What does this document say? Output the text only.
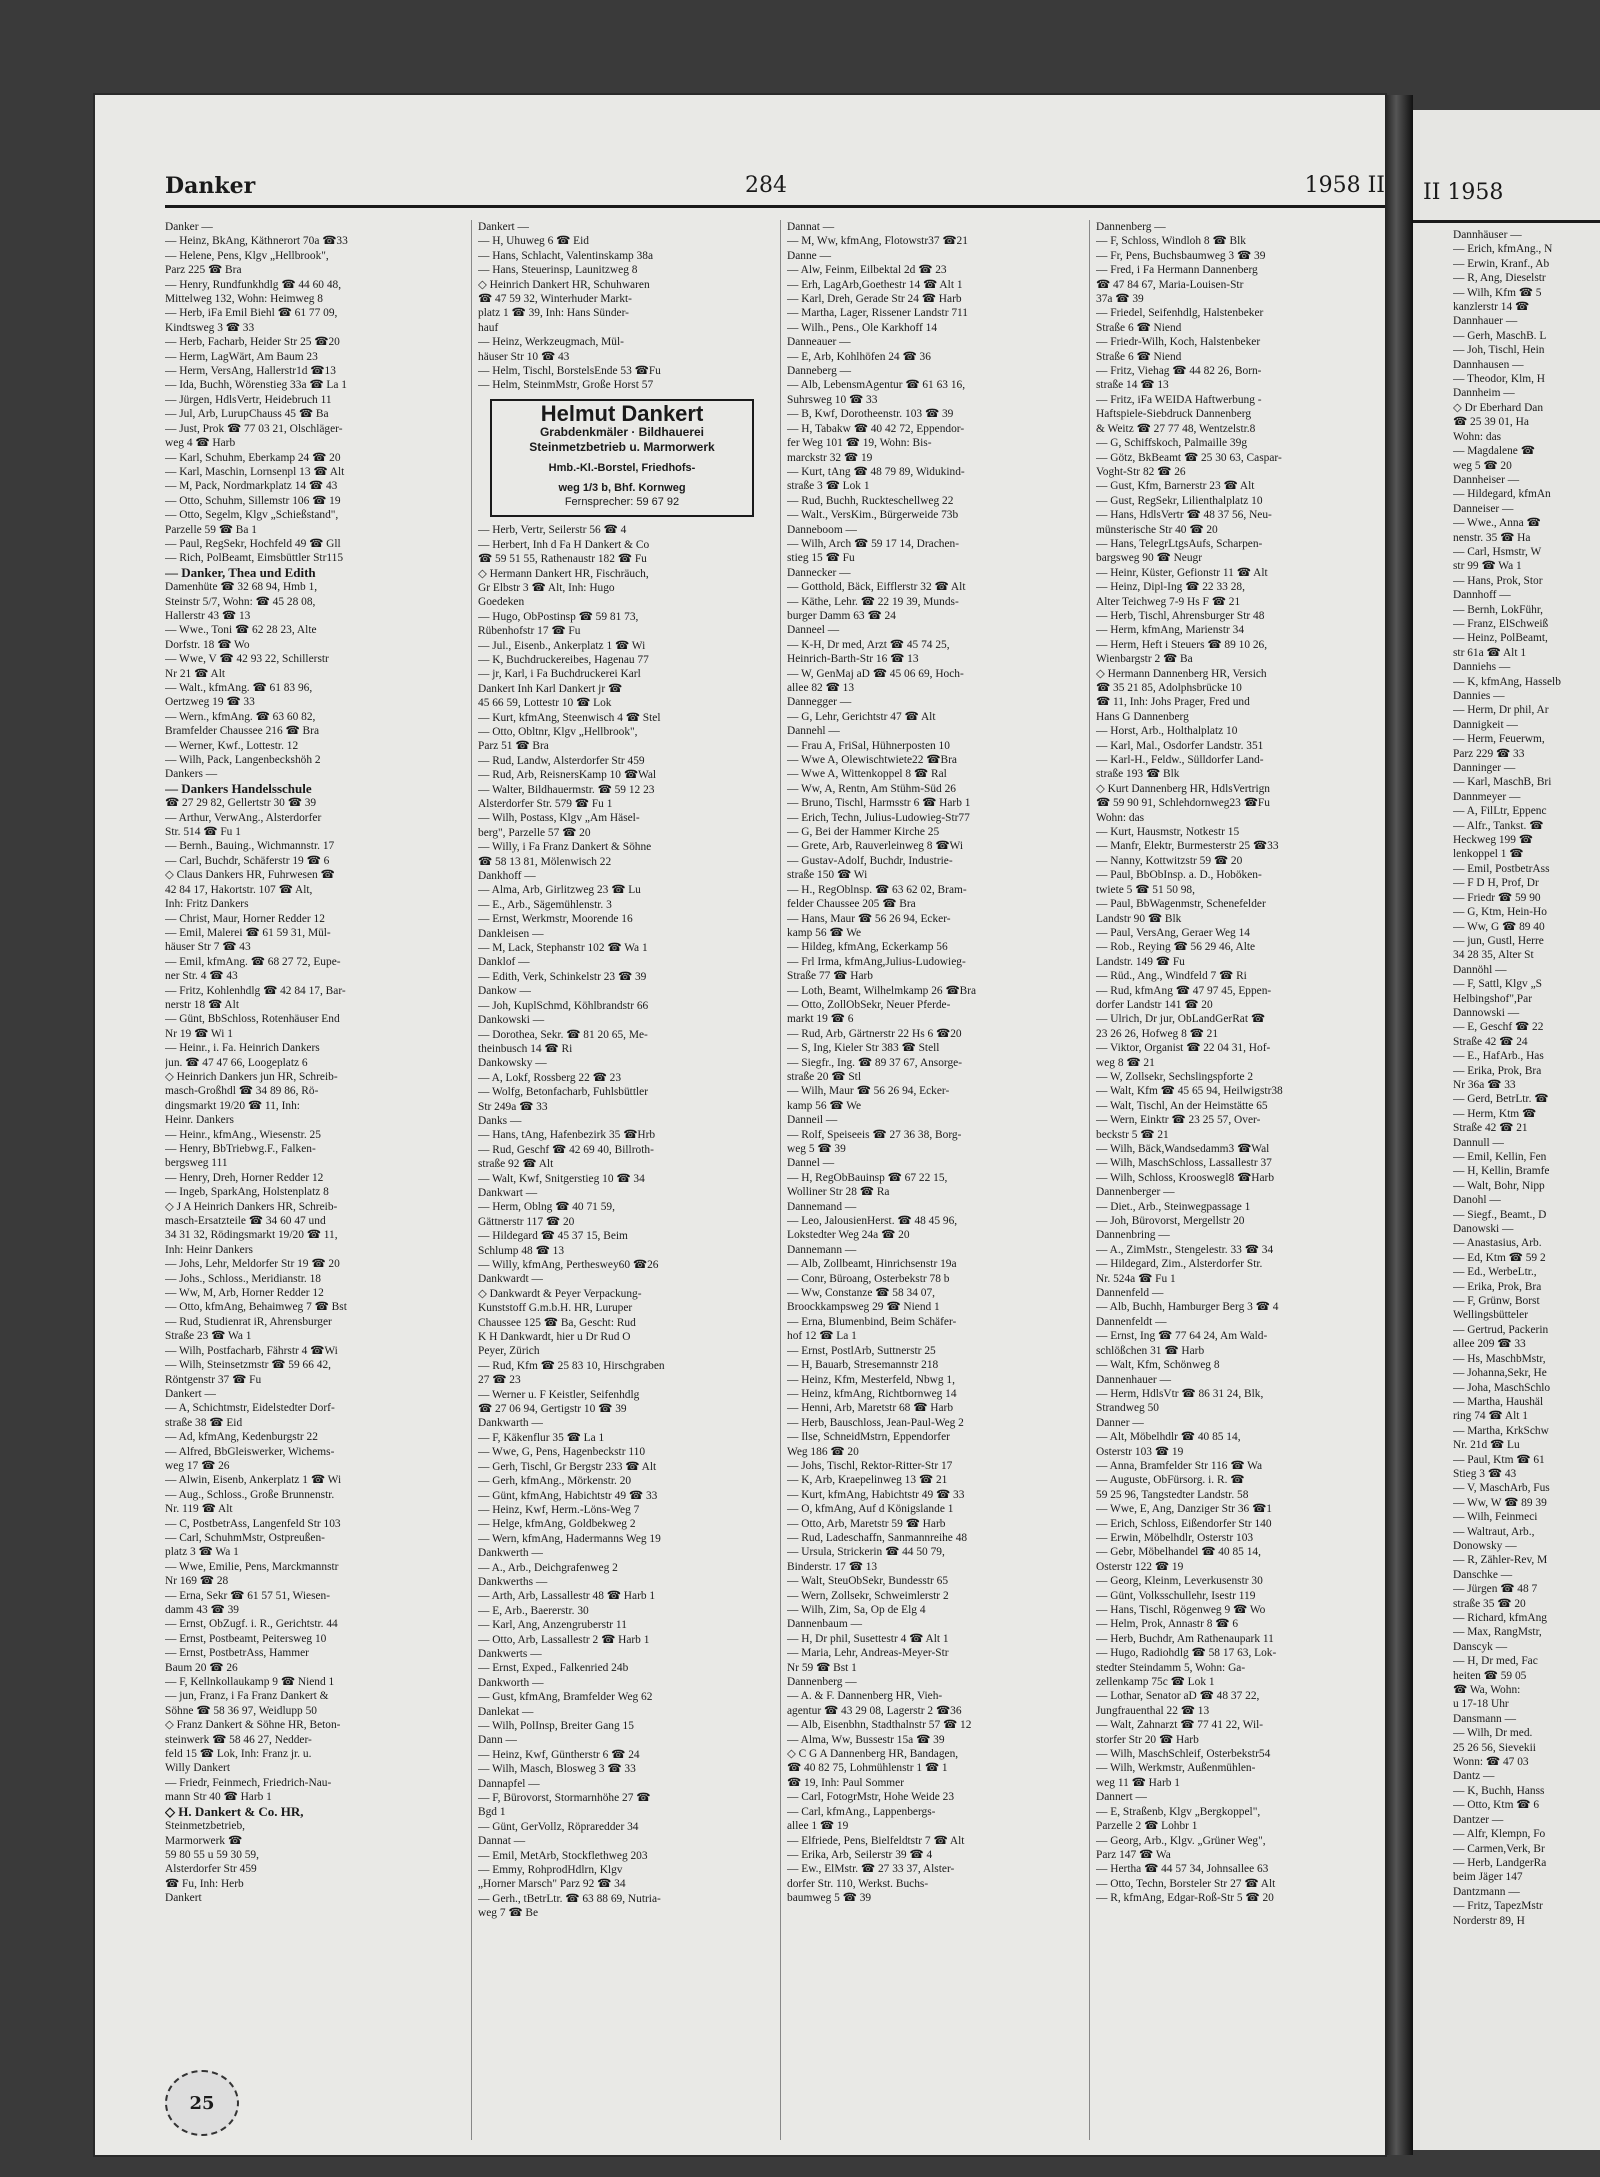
Danker	284	1958 II
Danker —
— Heinz, BkAng, Käthnerort 70a ☎33
— Helene, Pens, Klgv „Hellbrook",
Parz 225 ☎ Bra
— Henry, Rundfunkhdlg ☎ 44 60 48,
Mittelweg 132, Wohn: Heimweg 8
— Herb, iFa Emil Biehl ☎ 61 77 09,
Kindtsweg 3 ☎ 33
— Herb, Facharb, Heider Str 25 ☎20
— Herm, LagWärt, Am Baum 23
— Herm, VersAng, Hallerstr1d ☎13
— Ida, Buchh, Wörenstieg 33a ☎ La 1
— Jürgen, HdlsVertr, Heidebruch 11
— Jul, Arb, LurupChauss 45 ☎ Ba
— Just, Prok ☎ 77 03 21, Olschläger-
weg 4 ☎ Harb
— Karl, Schuhm, Eberkamp 24 ☎ 20
— Karl, Maschin, Lornsenpl 13 ☎ Alt
— M, Pack, Nordmarkplatz 14 ☎ 43
— Otto, Schuhm, Sillemstr 106 ☎ 19
— Otto, Segelm, Klgv „Schießstand",
Parzelle 59 ☎ Ba 1
— Paul, RegSekr, Hochfeld 49 ☎ Gll
— Rich, PolBeamt, Eimsbüttler Str115
— Danker, Thea und Edith
Damenhüte ☎ 32 68 94, Hmb 1,
Steinstr 5/7, Wohn: ☎ 45 28 08,
Hallerstr 43 ☎ 13
— Wwe., Toni ☎ 62 28 23, Alte
Dorfstr. 18 ☎ Wo
— Wwe, V ☎ 42 93 22, Schillerstr
Nr 21 ☎ Alt
— Walt., kfmAng. ☎ 61 83 96,
Oertzweg 19 ☎ 33
— Wern., kfmAng. ☎ 63 60 82,
Bramfelder Chaussee 216 ☎ Bra
— Werner, Kwf., Lottestr. 12
— Wilh, Pack, Langenbeckshöh 2
Dankers —
— Dankers Handelsschule
☎ 27 29 82, Gellertstr 30 ☎ 39
— Arthur, VerwAng., Alsterdorfer
Str. 514 ☎ Fu 1
— Bernh., Bauing., Wichmannstr. 17
— Carl, Buchdr, Schäferstr 19 ☎ 6
◇ Claus Dankers HR, Fuhrwesen ☎
42 84 17, Hakortstr. 107 ☎ Alt,
Inh: Fritz Dankers
— Christ, Maur, Horner Redder 12
— Emil, Malerei ☎ 61 59 31, Mül-
häuser Str 7 ☎ 43
— Emil, kfmAng. ☎ 68 27 72, Eupe-
ner Str. 4 ☎ 43
— Fritz, Kohlenhdlg ☎ 42 84 17, Bar-
nerstr 18 ☎ Alt
— Günt, BbSchloss, Rotenhäuser End
Nr 19 ☎ Wi 1
— Heinr., i. Fa. Heinrich Dankers
jun. ☎ 47 47 66, Loogeplatz 6
◇ Heinrich Dankers jun HR, Schreib-
masch-Großhdl ☎ 34 89 86, Rö-
dingsmarkt 19/20 ☎ 11, Inh:
Heinr. Dankers
— Heinr., kfmAng., Wiesenstr. 25
— Henry, BbTriebwg.F., Falken-
bergsweg 111
— Henry, Dreh, Horner Redder 12
— Ingeb, SparkAng, Holstenplatz 8
◇ J A Heinrich Dankers HR, Schreib-
masch-Ersatzteile ☎ 34 60 47 und
34 31 32, Rödingsmarkt 19/20 ☎ 11,
Inh: Heinr Dankers
— Johs, Lehr, Meldorfer Str 19 ☎ 20
— Johs., Schloss., Meridianstr. 18
— Ww, M, Arb, Horner Redder 12
— Otto, kfmAng, Behaimweg 7 ☎ Bst
— Rud, Studienrat iR, Ahrensburger
Straße 23 ☎ Wa 1
— Wilh, Postfacharb, Fährstr 4 ☎Wi
— Wilh, Steinsetzmstr ☎ 59 66 42,
Röntgenstr 37 ☎ Fu
Dankert —
— A, Schichtmstr, Eidelstedter Dorf-
straße 38 ☎ Eid
— Ad, kfmAng, Kedenburgstr 22
— Alfred, BbGleiswerker, Wichems-
weg 17 ☎ 26
— Alwin, Eisenb, Ankerplatz 1 ☎ Wi
— Aug., Schloss., Große Brunnenstr.
Nr. 119 ☎ Alt
— C, PostbetrAss, Langenfeld Str 103
— Carl, SchuhmMstr, Ostpreußen-
platz 3 ☎ Wa 1
— Wwe, Emilie, Pens, Marckmannstr
Nr 169 ☎ 28
— Erna, Sekr ☎ 61 57 51, Wiesen-
damm 43 ☎ 39
— Ernst, ObZugf. i. R., Gerichtstr. 44
— Ernst, Postbeamt, Peitersweg 10
— Ernst, PostbetrAss, Hammer
Baum 20 ☎ 26
— F, Kellnkollaukamp 9 ☎ Niend 1
— jun, Franz, i Fa Franz Dankert &
Söhne ☎ 58 36 97, Weidlupp 50
◇ Franz Dankert & Söhne HR, Beton-
steinwerk ☎ 58 46 27, Nedder-
feld 15 ☎ Lok, Inh: Franz jr. u.
Willy Dankert
— Friedr, Feinmech, Friedrich-Nau-
mann Str 40 ☎ Harb 1
◇ H. Dankert & Co. HR,
Steinmetzbetrieb,
Marmorwerk ☎
59 80 55 u 59 30 59,
Alsterdorfer Str 459
☎ Fu, Inh: Herb
Dankert
Dankert —
— H, Uhuweg 6 ☎ Eid
— Hans, Schlacht, Valentinskamp 38a
— Hans, Steuerinsp, Launitzweg 8
◇ Heinrich Dankert HR, Schuhwaren
☎ 47 59 32, Winterhuder Markt-
platz 1 ☎ 39, Inh: Hans Sünder-
hauf
— Heinz, Werkzeugmach, Mül-
häuser Str 10 ☎ 43
— Helm, Tischl, BorstelsEnde 53 ☎Fu
— Helm, SteinmMstr, Große Horst 57
Helmut Dankert
Grabdenkmäler · Bildhauerei
Steinmetzbetrieb u. Marmorwerk
Hmb.-Kl.-Borstel, Friedhofs-
weg 1/3 b, Bhf. Kornweg
Fernsprecher: 59 67 92
— Herb, Vertr, Seilerstr 56 ☎ 4
— Herbert, Inh d Fa H Dankert & Co
☎ 59 51 55, Rathenaustr 182 ☎ Fu
◇ Hermann Dankert HR, Fischräuch,
Gr Elbstr 3 ☎ Alt, Inh: Hugo
Goedeken
— Hugo, ObPostinsp ☎ 59 81 73,
Rübenhofstr 17 ☎ Fu
— Jul., Eisenb., Ankerplatz 1 ☎ Wi
— K, Buchdruckereibes, Hagenau 77
— jr, Karl, i Fa Buchdruckerei Karl
Dankert Inh Karl Dankert jr ☎
45 66 59, Lottestr 10 ☎ Lok
— Kurt, kfmAng, Steenwisch 4 ☎ Stel
— Otto, Obltnr, Klgv „Hellbrook",
Parz 51 ☎ Bra
— Rud, Landw, Alsterdorfer Str 459
— Rud, Arb, ReisnersKamp 10 ☎Wal
— Walter, Bildhauermstr. ☎ 59 12 23
Alsterdorfer Str. 579 ☎ Fu 1
— Wilh, Postass, Klgv „Am Häsel-
berg", Parzelle 57 ☎ 20
— Willy, i Fa Franz Dankert & Söhne
☎ 58 13 81, Mölenwisch 22
Dankhoff —
— Alma, Arb, Girlitzweg 23 ☎ Lu
— E., Arb., Sägemühlenstr. 3
— Ernst, Werkmstr, Moorende 16
Dankleisen —
— M, Lack, Stephanstr 102 ☎ Wa 1
Danklof —
— Edith, Verk, Schinkelstr 23 ☎ 39
Dankow —
— Joh, KuplSchmd, Köhlbrandstr 66
Dankowski —
— Dorothea, Sekr. ☎ 81 20 65, Me-
theinbusch 14 ☎ Ri
Dankowsky —
— A, Lokf, Rossberg 22 ☎ 23
— Wolfg, Betonfacharb, Fuhlsbüttler
Str 249a ☎ 33
Danks —
— Hans, tAng, Hafenbezirk 35 ☎Hrb
— Rud, Geschf ☎ 42 69 40, Billroth-
straße 92 ☎ Alt
— Walt, Kwf, Snitgerstieg 10 ☎ 34
Dankwart —
— Herm, Oblng ☎ 40 71 59,
Gättnerstr 117 ☎ 20
— Hildegard ☎ 45 37 15, Beim
Schlump 48 ☎ 13
— Willy, kfmAng, Pertheswey60 ☎26
Dankwardt —
◇ Dankwardt & Peyer Verpackung-
Kunststoff G.m.b.H. HR, Luruper
Chaussee 125 ☎ Ba, Gescht: Rud
K H Dankwardt, hier u Dr Rud O
Peyer, Zürich
— Rud, Kfm ☎ 25 83 10, Hirschgraben
27 ☎ 23
— Werner u. F Keistler, Seifenhdlg
☎ 27 06 94, Gertigstr 10 ☎ 39
Dankwarth —
— F, Käkenflur 35 ☎ La 1
— Wwe, G, Pens, Hagenbeckstr 110
— Gerh, Tischl, Gr Bergstr 233 ☎ Alt
— Gerh, kfmAng., Mörkenstr. 20
— Günt, kfmAng, Habichtstr 49 ☎ 33
— Heinz, Kwf, Herm.-Löns-Weg 7
— Helge, kfmAng, Goldbekweg 2
— Wern, kfmAng, Hadermanns Weg 19
Dankwerth —
— A., Arb., Deichgrafenweg 2
Dankwerths —
— Arth, Arb, Lassallestr 48 ☎ Harb 1
— E, Arb., Baererstr. 30
— Karl, Ang, Anzengruberstr 11
— Otto, Arb, Lassallestr 2 ☎ Harb 1
Dankwerts —
— Ernst, Exped., Falkenried 24b
Dankworth —
— Gust, kfmAng, Bramfelder Weg 62
Danlekat —
— Wilh, PolInsp, Breiter Gang 15
Dann —
— Heinz, Kwf, Güntherstr 6 ☎ 24
— Wilh, Masch, Blosweg 3 ☎ 33
Dannapfel —
— F, Bürovorst, Stormarnhöhe 27 ☎
Bgd 1
— Günt, GerVollz, Röpraredder 34
Dannat —
— Emil, MetArb, Stockflethweg 203
— Emmy, RohprodHdlrn, Klgv
„Horner Marsch" Parz 92 ☎ 34
— Gerh., tBetrLtr. ☎ 63 88 69, Nutria-
weg 7 ☎ Be
Dannat —
— M, Ww, kfmAng, Flotowstr37 ☎21
Danne —
— Alw, Feinm, Eilbektal 2d ☎ 23
— Erh, LagArb,Goethestr 14 ☎ Alt 1
— Karl, Dreh, Gerade Str 24 ☎ Harb
— Martha, Lager, Rissener Landstr 711
— Wilh., Pens., Ole Karkhoff 14
Danneauer —
— E, Arb, Kohlhöfen 24 ☎ 36
Danneberg —
— Alb, LebensmAgentur ☎ 61 63 16,
Suhrsweg 10 ☎ 33
— B, Kwf, Dorotheenstr. 103 ☎ 39
— H, Tabakw ☎ 40 42 72, Eppendor-
fer Weg 101 ☎ 19, Wohn: Bis-
marckstr 32 ☎ 19
— Kurt, tAng ☎ 48 79 89, Widukind-
straße 3 ☎ Lok 1
— Rud, Buchh, Ruckteschellweg 22
— Walt., VersKim., Bürgerweide 73b
Danneboom —
— Wilh, Arch ☎ 59 17 14, Drachen-
stieg 15 ☎ Fu
Dannecker —
— Gotthold, Bäck, Eifflerstr 32 ☎ Alt
— Käthe, Lehr. ☎ 22 19 39, Munds-
burger Damm 63 ☎ 24
Danneel —
— K-H, Dr med, Arzt ☎ 45 74 25,
Heinrich-Barth-Str 16 ☎ 13
— W, GenMaj aD ☎ 45 06 69, Hoch-
allee 82 ☎ 13
Dannegger —
— G, Lehr, Gerichtstr 47 ☎ Alt
Dannehl —
— Frau A, FriSal, Hühnerposten 10
— Wwe A, Olewischtwiete22 ☎Bra
— Wwe A, Wittenkoppel 8 ☎ Ral
— Ww, A, Rentn, Am Stühm-Süd 26
— Bruno, Tischl, Harmsstr 6 ☎ Harb 1
— Erich, Techn, Julius-Ludowieg-Str77
— G, Bei der Hammer Kirche 25
— Grete, Arb, Rauverleinweg 8 ☎Wi
— Gustav-Adolf, Buchdr, Industrie-
straße 150 ☎ Wi
— H., RegOblnsp. ☎ 63 62 02, Bram-
felder Chaussee 205 ☎ Bra
— Hans, Maur ☎ 56 26 94, Ecker-
kamp 56 ☎ We
— Hildeg, kfmAng, Eckerkamp 56
— Frl Irma, kfmAng,Julius-Ludowieg-
Straße 77 ☎ Harb
— Loth, Beamt, Wilhelmkamp 26 ☎Bra
— Otto, ZollObSekr, Neuer Pferde-
markt 19 ☎ 6
— Rud, Arb, Gärtnerstr 22 Hs 6 ☎20
— S, Ing, Kieler Str 383 ☎ Stell
— Siegfr., Ing. ☎ 89 37 67, Ansorge-
straße 20 ☎ Stl
— Wilh, Maur ☎ 56 26 94, Ecker-
kamp 56 ☎ We
Danneil —
— Rolf, Speiseeis ☎ 27 36 38, Borg-
weg 5 ☎ 39
Dannel —
— H, RegObBauinsp ☎ 67 22 15,
Wolliner Str 28 ☎ Ra
Dannemand —
— Leo, JalousienHerst. ☎ 48 45 96,
Lokstedter Weg 24a ☎ 20
Dannemann —
— Alb, Zollbeamt, Hinrichsenstr 19a
— Conr, Büroang, Osterbekstr 78 b
— Ww, Constanze ☎ 58 34 07,
Broockkampsweg 29 ☎ Niend 1
— Erna, Blumenbind, Beim Schäfer-
hof 12 ☎ La 1
— Ernst, PostlArb, Suttnerstr 25
— H, Bauarb, Stresemannstr 218
— Heinz, Kfm, Mesterfeld, Nbwg 1,
— Heinz, kfmAng, Richtbornweg 14
— Henni, Arb, Maretstr 68 ☎ Harb
— Herb, Bauschloss, Jean-Paul-Weg 2
— Ilse, SchneidMstrn, Eppendorfer
Weg 186 ☎ 20
— Johs, Tischl, Rektor-Ritter-Str 17
— K, Arb, Kraepelinweg 13 ☎ 21
— Kurt, kfmAng, Habichtstr 49 ☎ 33
— O, kfmAng, Auf d Königslande 1
— Otto, Arb, Maretstr 59 ☎ Harb
— Rud, Ladeschaffn, Sanmannreihe 48
— Ursula, Strickerin ☎ 44 50 79,
Binderstr. 17 ☎ 13
— Walt, SteuObSekr, Bundesstr 65
— Wern, Zollsekr, Schweimlerstr 2
— Wilh, Zim, Sa, Op de Elg 4
Dannenbaum —
— H, Dr phil, Susettestr 4 ☎ Alt 1
— Maria, Lehr, Andreas-Meyer-Str
Nr 59 ☎ Bst 1
Dannenberg —
— A. & F. Dannenberg HR, Vieh-
agentur ☎ 43 29 08, Lagerstr 2 ☎36
— Alb, Eisenbhn, Stadthalnstr 57 ☎ 12
— Alma, Ww, Bussestr 15a ☎ 39
◇ C G A Dannenberg HR, Bandagen,
☎ 40 82 75, Lohmühlenstr 1 ☎ 1
☎ 19, Inh: Paul Sommer
— Carl, FotogrMstr, Hohe Weide 23
— Carl, kfmAng., Lappenbergs-
allee 1 ☎ 19
— Elfriede, Pens, Bielfeldtstr 7 ☎ Alt
— Erika, Arb, Seilerstr 39 ☎ 4
— Ew., ElMstr. ☎ 27 33 37, Alster-
dorfer Str. 110, Werkst. Buchs-
baumweg 5 ☎ 39
Dannenberg —
— F, Schloss, Windloh 8 ☎ Blk
— Fr, Pens, Buchsbaumweg 3 ☎ 39
— Fred, i Fa Hermann Dannenberg
☎ 47 84 67, Maria-Louisen-Str
37a ☎ 39
— Friedel, Seifenhdlg, Halstenbeker
Straße 6 ☎ Niend
— Friedr-Wilh, Koch, Halstenbeker
Straße 6 ☎ Niend
— Fritz, Viehag ☎ 44 82 26, Born-
straße 14 ☎ 13
— Fritz, iFa WEIDA Haftwerbung -
Haftspiele-Siebdruck Dannenberg
& Weitz ☎ 27 77 48, Wentzelstr.8
— G, Schiffskoch, Palmaille 39g
— Götz, BkBeamt ☎ 25 30 63, Caspar-
Voght-Str 82 ☎ 26
— Gust, Kfm, Barnerstr 23 ☎ Alt
— Gust, RegSekr, Lilienthalplatz 10
— Hans, HdlsVertr ☎ 48 37 56, Neu-
münsterische Str 40 ☎ 20
— Hans, TelegrLtgsAufs, Scharpen-
bargsweg 90 ☎ Neugr
— Heinr, Küster, Gefionstr 11 ☎ Alt
— Heinz, Dipl-Ing ☎ 22 33 28,
Alter Teichweg 7-9 Hs F ☎ 21
— Herb, Tischl, Ahrensburger Str 48
— Herm, kfmAng, Marienstr 34
— Herm, Heft i Steuers ☎ 89 10 26,
Wienbargstr 2 ☎ Ba
◇ Hermann Dannenberg HR, Versich
☎ 35 21 85, Adolphsbrücke 10
☎ 11, Inh: Johs Prager, Fred und
Hans G Dannenberg
— Horst, Arb., Holthalplatz 10
— Karl, Mal., Osdorfer Landstr. 351
— Karl-H., Feldw., Sülldorfer Land-
straße 193 ☎ Blk
◇ Kurt Dannenberg HR, HdlsVertrign
☎ 59 90 91, Schlehdornweg23 ☎Fu
Wohn: das
— Kurt, Hausmstr, Notkestr 15
— Manfr, Elektr, Burmesterstr 25 ☎33
— Nanny, Kottwitzstr 59 ☎ 20
— Paul, BbObInsp. a. D., Hoböken-
twiete 5 ☎ 51 50 98,
— Paul, BbWagenmstr, Schenefelder
Landstr 90 ☎ Blk
— Paul, VersAng, Geraer Weg 14
— Rob., Reying ☎ 56 29 46, Alte
Landstr. 149 ☎ Fu
— Rüd., Ang., Windfeld 7 ☎ Ri
— Rud, kfmAng ☎ 47 97 45, Eppen-
dorfer Landstr 141 ☎ 20
— Ulrich, Dr jur, ObLandGerRat ☎
23 26 26, Hofweg 8 ☎ 21
— Viktor, Organist ☎ 22 04 31, Hof-
weg 8 ☎ 21
— W, Zollsekr, Sechslingspforte 2
— Walt, Kfm ☎ 45 65 94, Heilwigstr38
— Walt, Tischl, An der Heimstätte 65
— Wern, Einktr ☎ 23 25 57, Over-
beckstr 5 ☎ 21
— Wilh, Bäck,Wandsedamm3 ☎Wal
— Wilh, MaschSchloss, Lassallestr 37
— Wilh, Schloss, Krooswegl8 ☎Harb
Dannenberger —
— Diet., Arb., Steinwegpassage 1
— Joh, Bürovorst, Mergellstr 20
Dannenbring —
— A., ZimMstr., Stengelestr. 33 ☎ 34
— Hildegard, Zim., Alsterdorfer Str.
Nr. 524a ☎ Fu 1
Dannenfeld —
— Alb, Buchh, Hamburger Berg 3 ☎ 4
Dannenfeldt —
— Ernst, Ing ☎ 77 64 24, Am Wald-
schlößchen 31 ☎ Harb
— Walt, Kfm, Schönweg 8
Dannenhauer —
— Herm, HdlsVtr ☎ 86 31 24, Blk,
Strandweg 50
Danner —
— Alt, Möbelhdlr ☎ 40 85 14,
Osterstr 103 ☎ 19
— Anna, Bramfelder Str 116 ☎ Wa
— Auguste, ObFürsorg. i. R. ☎
59 25 96, Tangstedter Landstr. 58
— Wwe, E, Ang, Danziger Str 36 ☎1
— Erich, Schloss, Eißendorfer Str 140
— Erwin, Möbelhdlr, Osterstr 103
— Gebr, Möbelhandel ☎ 40 85 14,
Osterstr 122 ☎ 19
— Georg, Kleinm, Leverkusenstr 30
— Günt, Volksschullehr, Isestr 119
— Hans, Tischl, Rögenweg 9 ☎ Wo
— Helm, Prok, Annastr 8 ☎ 6
— Herb, Buchdr, Am Rathenaupark 11
— Hugo, Radiohdlg ☎ 58 17 63, Lok-
stedter Steindamm 5, Wohn: Ga-
zellenkamp 75c ☎ Lok 1
— Lothar, Senator aD ☎ 48 37 22,
Jungfrauenthal 22 ☎ 13
— Walt, Zahnarzt ☎ 77 41 22, Wil-
storfer Str 20 ☎ Harb
— Wilh, MaschSchleif, Osterbekstr54
— Wilh, Werkmstr, Außenmühlen-
weg 11 ☎ Harb 1
Dannert —
— E, Straßenb, Klgv „Bergkoppel",
Parzelle 2 ☎ Lohbr 1
— Georg, Arb., Klgv. „Grüner Weg",
Parz 147 ☎ Wa
— Hertha ☎ 44 57 34, Johnsallee 63
— Otto, Techn, Borsteler Str 27 ☎ Alt
— R, kfmAng, Edgar-Roß-Str 5 ☎ 20
25
II 1958
Dannhäuser —
— Erich, kfmAng., N
— Erwin, Kranf., Ab
— R, Ang, Dieselstr
— Wilh, Kfm ☎ 5
kanzlerstr 14 ☎
Dannhauer —
— Gerh, MaschB. L
— Joh, Tischl, Hein
Dannhausen —
— Theodor, Klm, H
Dannheim —
◇ Dr Eberhard Dan
☎ 25 39 01, Ha
Wohn: das
— Magdalene ☎
weg 5 ☎ 20
Dannheiser —
— Hildegard, kfmAn
Danneiser —
— Wwe., Anna ☎
nenstr. 35 ☎ Ha
— Carl, Hsmstr, W
str 99 ☎ Wa 1
— Hans, Prok, Stor
Dannhoff —
— Bernh, LokFühr,
— Franz, ElSchweiß
— Heinz, PolBeamt,
str 61a ☎ Alt 1
Danniehs —
— K, kfmAng, Hasselb
Dannies —
— Herm, Dr phil, Ar
Dannigkeit —
— Herm, Feuerwm,
Parz 229 ☎ 33
Danninger —
— Karl, MaschB, Bri
Dannmeyer —
— A, FilLtr, Eppenc
— Alfr., Tankst. ☎
Heckweg 199 ☎
lenkoppel 1 ☎
— Emil, PostbetrAss
— F D H, Prof, Dr
— Friedr ☎ 59 90
— G, Ktm, Hein-Ho
— Ww, G ☎ 89 40
— jun, Gustl, Herre
34 28 35, Alter St
Dannöhl —
— F, Sattl, Klgv „S
Helbingshof",Par
Dannowski —
— E, Geschf ☎ 22
Straße 42 ☎ 24
— E., HafArb., Has
— Erika, Prok, Bra
Nr 36a ☎ 33
— Gerd, BetrLtr. ☎
— Herm, Ktm ☎
Straße 42 ☎ 21
Dannull —
— Emil, Kellin, Fen
— H, Kellin, Bramfe
— Walt, Bohr, Nipp
Danohl —
— Siegf., Beamt., D
Danowski —
— Anastasius, Arb.
— Ed, Ktm ☎ 59 2
— Ed., WerbeLtr.,
— Erika, Prok, Bra
— F, Grünw, Borst
Wellingsbütteler
— Gertrud, Packerin
allee 209 ☎ 33
— Hs, MaschbMstr,
— Johanna,Sekr, He
— Joha, MaschSchlo
— Martha, Haushäl
ring 74 ☎ Alt 1
— Martha, KrkSchw
Nr. 21d ☎ Lu
— Paul, Ktm ☎ 61
Stieg 3 ☎ 43
— V, MaschArb, Fus
— Ww, W ☎ 89 39
— Wilh, Feinmeci
— Waltraut, Arb.,
Donowsky —
— R, Zähler-Rev, M
Danschke —
— Jürgen ☎ 48 7
straße 35 ☎ 20
— Richard, kfmAng
— Max, RangMstr,
Danscyk —
— H, Dr med, Fac
heiten ☎ 59 05
☎ Wa, Wohn:
u 17-18 Uhr
Dansmann —
— Wilh, Dr med.
25 26 56, Sievekii
Wonn: ☎ 47 03
Dantz —
— K, Buchh, Hanss
— Otto, Ktm ☎ 6
Dantzer —
— Alfr, Klempn, Fo
— Carmen,Verk, Br
— Herb, LandgerRa
beim Jäger 147
Dantzmann —
— Fritz, TapezMstr
Norderstr 89, H
